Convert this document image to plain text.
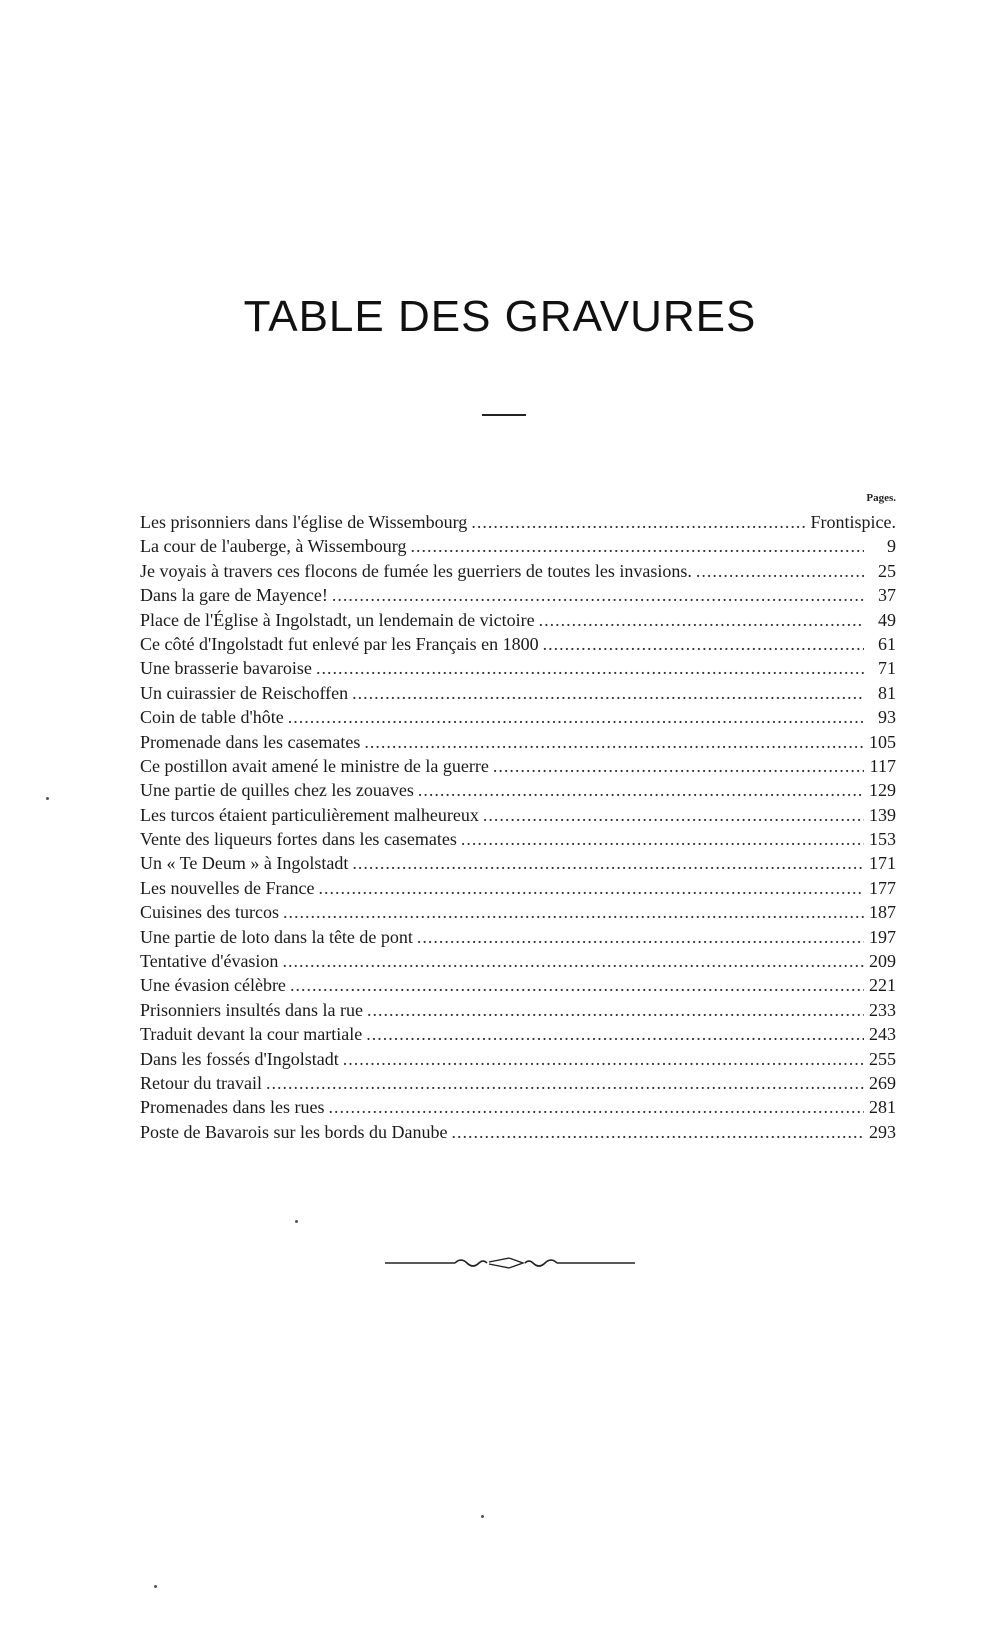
TABLE DES GRAVURES
Pages.
Les prisonniers dans l'église de Wissembourg .....	Frontispice.
La cour de l'auberge, à Wissembourg .....	9
Je voyais à travers ces flocons de fumée les guerriers de toutes les invasions. .....	25
Dans la gare de Mayence! .....	37
Place de l'Église à Ingolstadt, un lendemain de victoire .....	49
Ce côté d'Ingolstadt fut enlevé par les Français en 1800 .....	61
Une brasserie bavaroise .....	71
Un cuirassier de Reischoffen .....	81
Coin de table d'hôte .....	93
Promenade dans les casemates .....	105
Ce postillon avait amené le ministre de la guerre .....	117
Une partie de quilles chez les zouaves .....	129
Les turcos étaient particulièrement malheureux .....	139
Vente des liqueurs fortes dans les casemates .....	153
Un « Te Deum » à Ingolstadt .....	171
Les nouvelles de France .....	177
Cuisines des turcos .....	187
Une partie de loto dans la tête de pont .....	197
Tentative d'évasion .....	209
Une évasion célèbre .....	221
Prisonniers insultés dans la rue .....	233
Traduit devant la cour martiale .....	243
Dans les fossés d'Ingolstadt .....	255
Retour du travail .....	269
Promenades dans les rues .....	281
Poste de Bavarois sur les bords du Danube .....	293
